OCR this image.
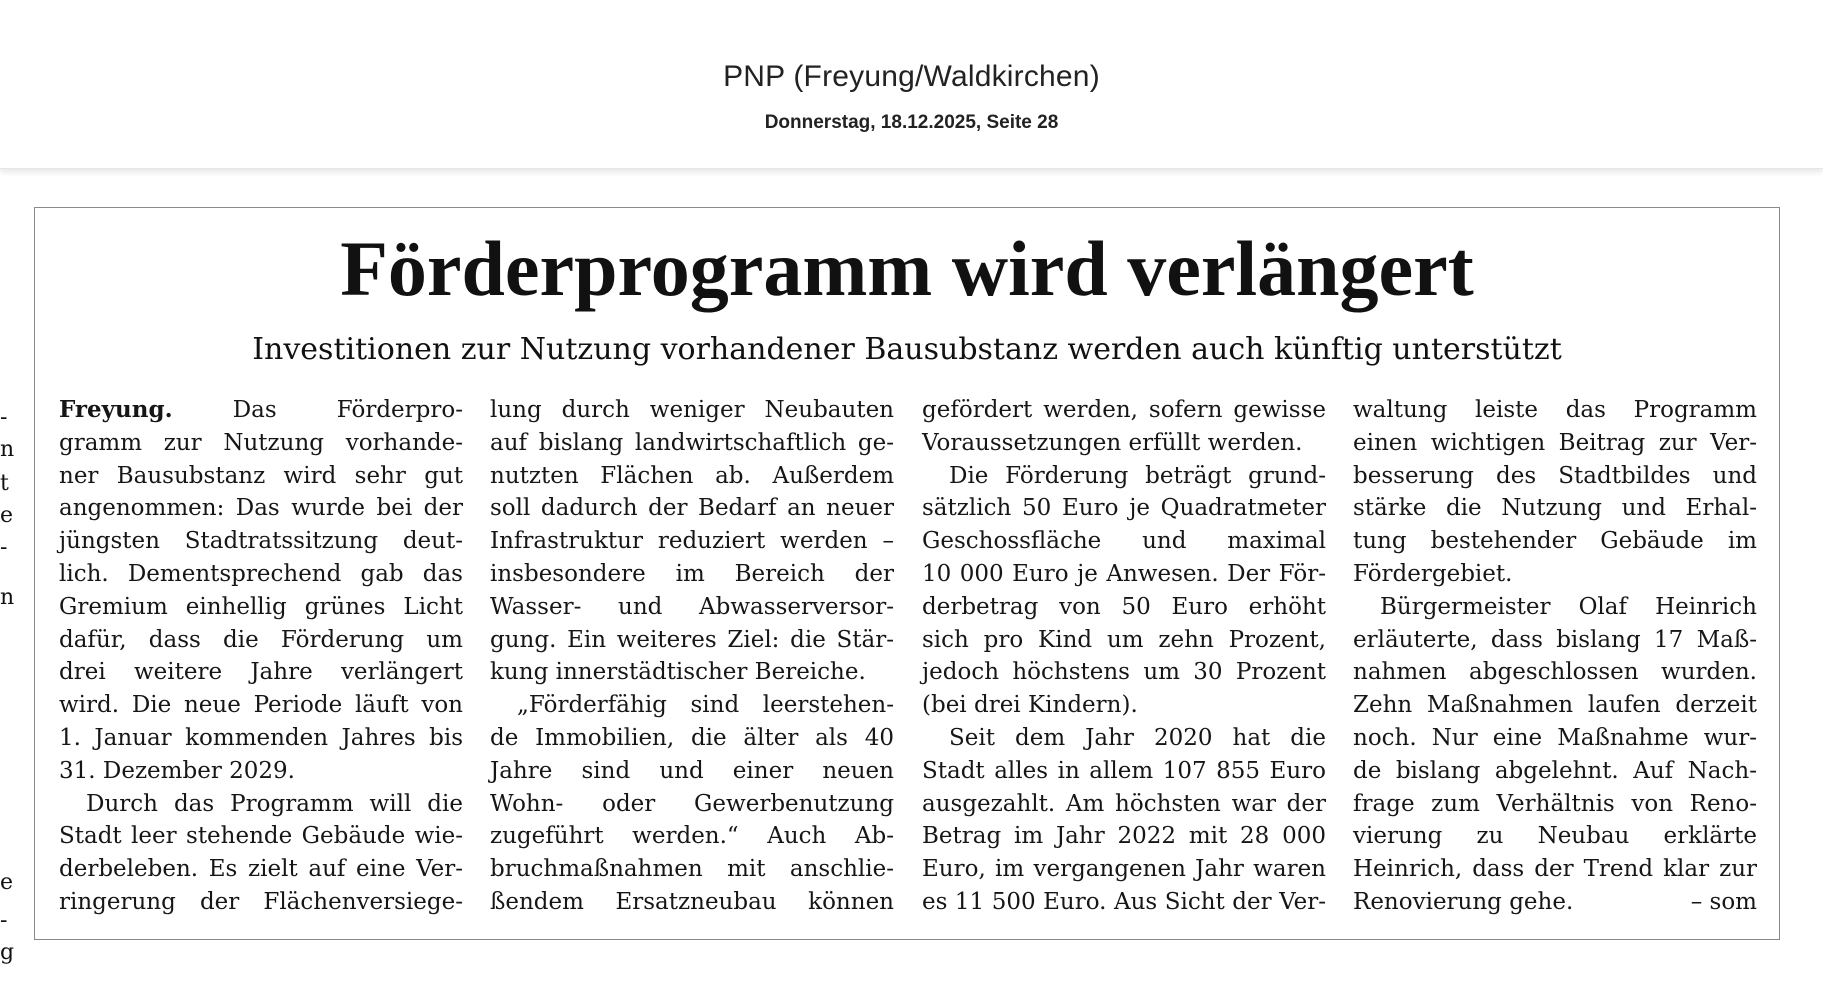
PNP (Freyung/Waldkirchen)
Donnerstag, 18.12.2025, Seite 28
-
n
t
e
-
n
e
-
g
Förderprogramm wird verlängert
Investitionen zur Nutzung vorhandener Bausubstanz werden auch künftig unterstützt
Freyung.	Das Förderpro-
gramm zur Nutzung vorhande-
ner Bausubstanz wird sehr gut
angenommen: Das wurde bei der
jüngsten Stadtratssitzung deut-
lich. Dementsprechend gab das
Gremium einhellig grünes Licht
dafür, dass die Förderung um
drei weitere Jahre verlängert
wird. Die neue Periode läuft von
1. Januar kommenden Jahres bis
31. Dezember 2029.
Durch das Programm will die
Stadt leer stehende Gebäude wie-
derbeleben. Es zielt auf eine Ver-
ringerung der Flächenversiege-
lung durch weniger Neubauten
auf bislang landwirtschaftlich ge-
nutzten Flächen ab. Außerdem
soll dadurch der Bedarf an neuer
Infrastruktur reduziert werden –
insbesondere im Bereich der
Wasser- und Abwasserversor-
gung. Ein weiteres Ziel: die Stär-
kung innerstädtischer Bereiche.
„Förderfähig sind leerstehen-
de Immobilien, die älter als 40
Jahre sind und einer neuen
Wohn- oder Gewerbenutzung
zugeführt werden.“ Auch Ab-
bruchmaßnahmen mit anschlie-
ßendem Ersatzneubau können
gefördert werden, sofern gewisse
Voraussetzungen erfüllt werden.
Die Förderung beträgt grund-
sätzlich 50 Euro je Quadratmeter
Geschossfläche und maximal
10 000 Euro je Anwesen. Der För-
derbetrag von 50 Euro erhöht
sich pro Kind um zehn Prozent,
jedoch höchstens um 30 Prozent
(bei drei Kindern).
Seit dem Jahr 2020 hat die
Stadt alles in allem 107 855 Euro
ausgezahlt. Am höchsten war der
Betrag im Jahr 2022 mit 28 000
Euro, im vergangenen Jahr waren
es 11 500 Euro. Aus Sicht der Ver-
waltung leiste das Programm
einen wichtigen Beitrag zur Ver-
besserung des Stadtbildes und
stärke die Nutzung und Erhal-
tung bestehender Gebäude im
Fördergebiet.
Bürgermeister Olaf Heinrich
erläuterte, dass bislang 17 Maß-
nahmen abgeschlossen wurden.
Zehn Maßnahmen laufen derzeit
noch. Nur eine Maßnahme wur-
de bislang abgelehnt. Auf Nach-
frage zum Verhältnis von Reno-
vierung zu Neubau erklärte
Heinrich, dass der Trend klar zur
Renovierung gehe.	– som
